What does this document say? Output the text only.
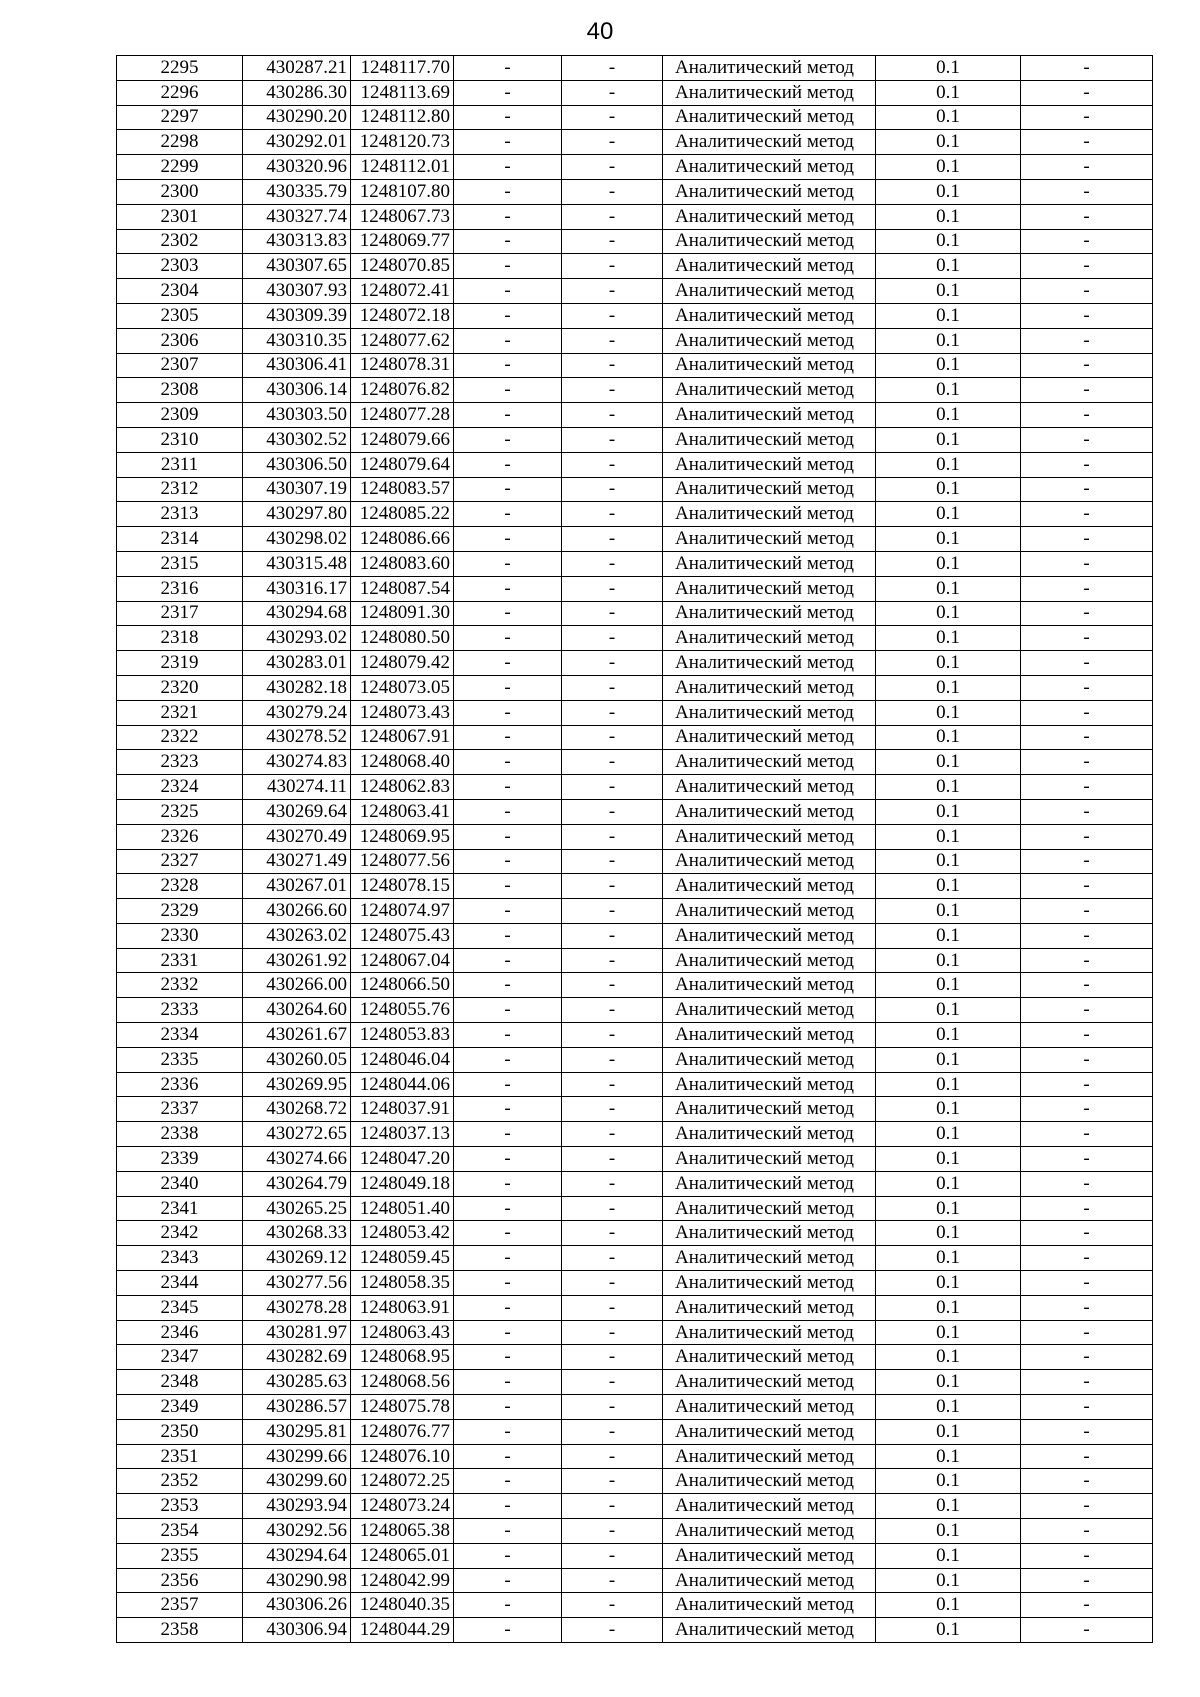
40
2295	430287.21	1248117.70	-	-	Аналитический метод	0.1	-
2296	430286.30	1248113.69	-	-	Аналитический метод	0.1	-
2297	430290.20	1248112.80	-	-	Аналитический метод	0.1	-
2298	430292.01	1248120.73	-	-	Аналитический метод	0.1	-
2299	430320.96	1248112.01	-	-	Аналитический метод	0.1	-
2300	430335.79	1248107.80	-	-	Аналитический метод	0.1	-
2301	430327.74	1248067.73	-	-	Аналитический метод	0.1	-
2302	430313.83	1248069.77	-	-	Аналитический метод	0.1	-
2303	430307.65	1248070.85	-	-	Аналитический метод	0.1	-
2304	430307.93	1248072.41	-	-	Аналитический метод	0.1	-
2305	430309.39	1248072.18	-	-	Аналитический метод	0.1	-
2306	430310.35	1248077.62	-	-	Аналитический метод	0.1	-
2307	430306.41	1248078.31	-	-	Аналитический метод	0.1	-
2308	430306.14	1248076.82	-	-	Аналитический метод	0.1	-
2309	430303.50	1248077.28	-	-	Аналитический метод	0.1	-
2310	430302.52	1248079.66	-	-	Аналитический метод	0.1	-
2311	430306.50	1248079.64	-	-	Аналитический метод	0.1	-
2312	430307.19	1248083.57	-	-	Аналитический метод	0.1	-
2313	430297.80	1248085.22	-	-	Аналитический метод	0.1	-
2314	430298.02	1248086.66	-	-	Аналитический метод	0.1	-
2315	430315.48	1248083.60	-	-	Аналитический метод	0.1	-
2316	430316.17	1248087.54	-	-	Аналитический метод	0.1	-
2317	430294.68	1248091.30	-	-	Аналитический метод	0.1	-
2318	430293.02	1248080.50	-	-	Аналитический метод	0.1	-
2319	430283.01	1248079.42	-	-	Аналитический метод	0.1	-
2320	430282.18	1248073.05	-	-	Аналитический метод	0.1	-
2321	430279.24	1248073.43	-	-	Аналитический метод	0.1	-
2322	430278.52	1248067.91	-	-	Аналитический метод	0.1	-
2323	430274.83	1248068.40	-	-	Аналитический метод	0.1	-
2324	430274.11	1248062.83	-	-	Аналитический метод	0.1	-
2325	430269.64	1248063.41	-	-	Аналитический метод	0.1	-
2326	430270.49	1248069.95	-	-	Аналитический метод	0.1	-
2327	430271.49	1248077.56	-	-	Аналитический метод	0.1	-
2328	430267.01	1248078.15	-	-	Аналитический метод	0.1	-
2329	430266.60	1248074.97	-	-	Аналитический метод	0.1	-
2330	430263.02	1248075.43	-	-	Аналитический метод	0.1	-
2331	430261.92	1248067.04	-	-	Аналитический метод	0.1	-
2332	430266.00	1248066.50	-	-	Аналитический метод	0.1	-
2333	430264.60	1248055.76	-	-	Аналитический метод	0.1	-
2334	430261.67	1248053.83	-	-	Аналитический метод	0.1	-
2335	430260.05	1248046.04	-	-	Аналитический метод	0.1	-
2336	430269.95	1248044.06	-	-	Аналитический метод	0.1	-
2337	430268.72	1248037.91	-	-	Аналитический метод	0.1	-
2338	430272.65	1248037.13	-	-	Аналитический метод	0.1	-
2339	430274.66	1248047.20	-	-	Аналитический метод	0.1	-
2340	430264.79	1248049.18	-	-	Аналитический метод	0.1	-
2341	430265.25	1248051.40	-	-	Аналитический метод	0.1	-
2342	430268.33	1248053.42	-	-	Аналитический метод	0.1	-
2343	430269.12	1248059.45	-	-	Аналитический метод	0.1	-
2344	430277.56	1248058.35	-	-	Аналитический метод	0.1	-
2345	430278.28	1248063.91	-	-	Аналитический метод	0.1	-
2346	430281.97	1248063.43	-	-	Аналитический метод	0.1	-
2347	430282.69	1248068.95	-	-	Аналитический метод	0.1	-
2348	430285.63	1248068.56	-	-	Аналитический метод	0.1	-
2349	430286.57	1248075.78	-	-	Аналитический метод	0.1	-
2350	430295.81	1248076.77	-	-	Аналитический метод	0.1	-
2351	430299.66	1248076.10	-	-	Аналитический метод	0.1	-
2352	430299.60	1248072.25	-	-	Аналитический метод	0.1	-
2353	430293.94	1248073.24	-	-	Аналитический метод	0.1	-
2354	430292.56	1248065.38	-	-	Аналитический метод	0.1	-
2355	430294.64	1248065.01	-	-	Аналитический метод	0.1	-
2356	430290.98	1248042.99	-	-	Аналитический метод	0.1	-
2357	430306.26	1248040.35	-	-	Аналитический метод	0.1	-
2358	430306.94	1248044.29	-	-	Аналитический метод	0.1	-
